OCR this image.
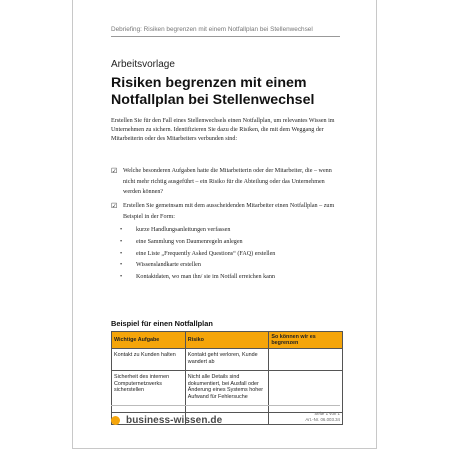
Debriefing: Risiken begrenzen mit einem Notfallplan bei Stellenwechsel
Arbeitsvorlage
Risiken begrenzen mit einem
Notfallplan bei Stellenwechsel

Erstellen Sie für den Fall eines Stellenwechsels einen Notfallplan, um relevantes Wissen im Unternehmen zu sichern. Identifizieren Sie dazu die Risiken, die mit dem Weggang der Mitarbeiterin oder des Mitarbeiters verbunden sind:

☑ Welche besonderen Aufgaben hatte die Mitarbeiterin oder der Mitarbeiter, die – wenn nicht mehr richtig ausgeführt – ein Risiko für die Abteilung oder das Unternehmen werden können?
☑ Erstellen Sie gemeinsam mit dem ausscheidenden Mitarbeiter einen Notfallplan – zum Beispiel in der Form:
• kurze Handlungsanleitungen verfassen
• eine Sammlung von Daumenregeln anlegen
• eine Liste „Frequently Asked Questions“ (FAQ) erstellen
• Wissenslandkarte erstellen
• Kontaktdaten, wo man ihn/ sie im Notfall erreichen kann
Beispiel für einen Notfallplan
Wichtige Aufgabe	Risiko	So können wir es begrenzen
Kontakt zu Kunden halten	Kontakt geht verloren, Kunde wandert ab	
Sicherheit des internen Computernetzwerks sicherstellen	Nicht alle Details sind dokumentiert, bei Ausfall oder Änderung eines Systems hoher Aufwand für Fehlersuche	

business-wissen.de
Seite 1 von 1
Art.-Nr. 06.003.34
